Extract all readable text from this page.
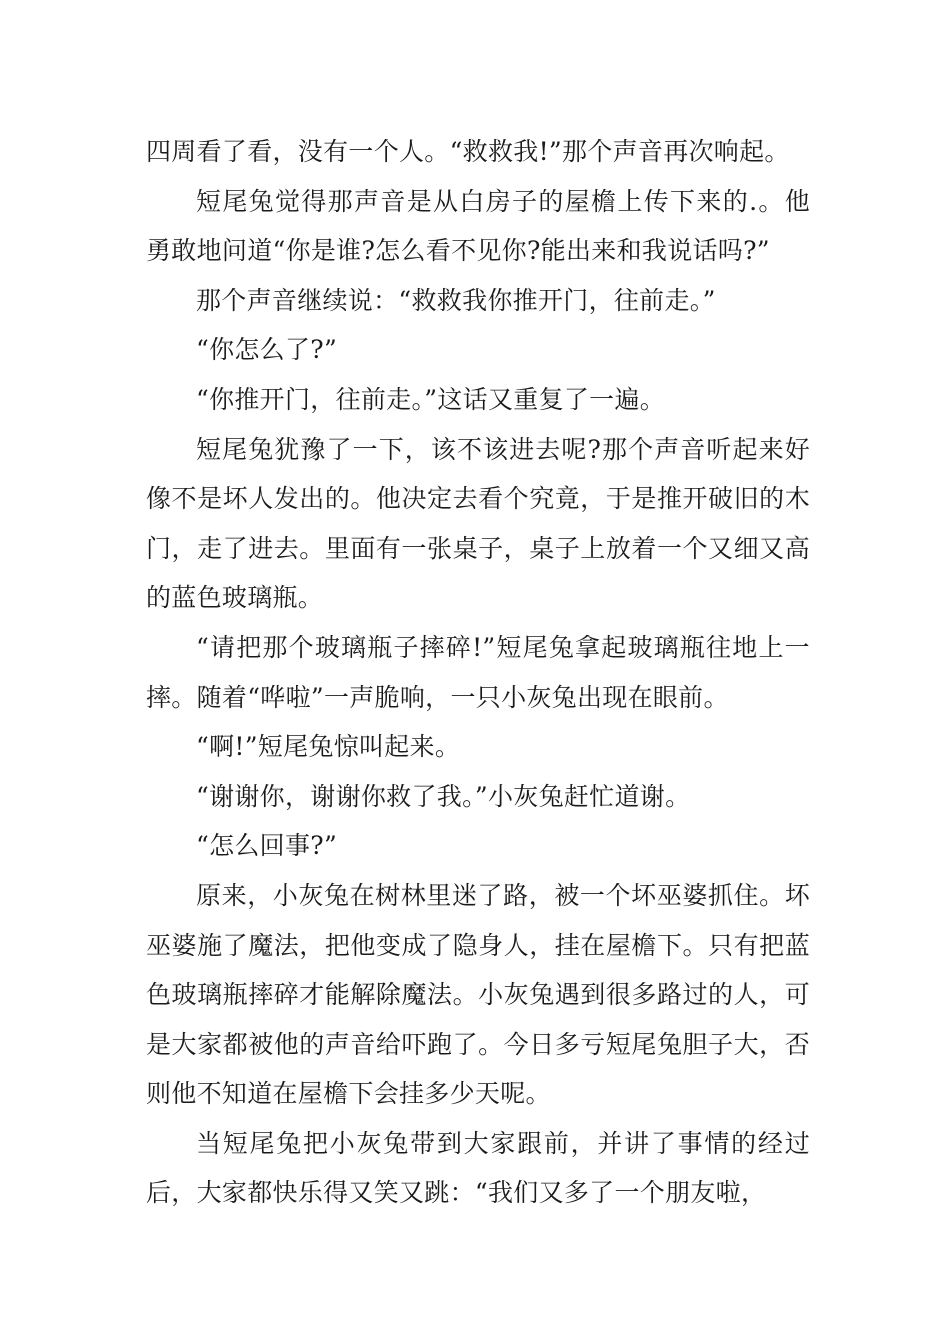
四周看了看，没有一个人。“救救我!”那个声音再次响起。

短尾兔觉得那声音是从白房子的屋檐上传下来的.。他勇敢地问道“你是谁?怎么看不见你?能出来和我说话吗?”

那个声音继续说：“救救我你推开门，往前走。”

“你怎么了?”

“你推开门，往前走。”这话又重复了一遍。

短尾兔犹豫了一下，该不该进去呢?那个声音听起来好像不是坏人发出的。他决定去看个究竟，于是推开破旧的木门，走了进去。里面有一张桌子，桌子上放着一个又细又高的蓝色玻璃瓶。

“请把那个玻璃瓶子摔碎!”短尾兔拿起玻璃瓶往地上一摔。随着“哗啦”一声脆响，一只小灰兔出现在眼前。

“啊!”短尾兔惊叫起来。

“谢谢你，谢谢你救了我。”小灰兔赶忙道谢。

“怎么回事?”

原来，小灰兔在树林里迷了路，被一个坏巫婆抓住。坏巫婆施了魔法，把他变成了隐身人，挂在屋檐下。只有把蓝色玻璃瓶摔碎才能解除魔法。小灰兔遇到很多路过的人，可是大家都被他的声音给吓跑了。今日多亏短尾兔胆子大，否则他不知道在屋檐下会挂多少天呢。

当短尾兔把小灰兔带到大家跟前，并讲了事情的经过后，大家都快乐得又笑又跳：“我们又多了一个朋友啦，
